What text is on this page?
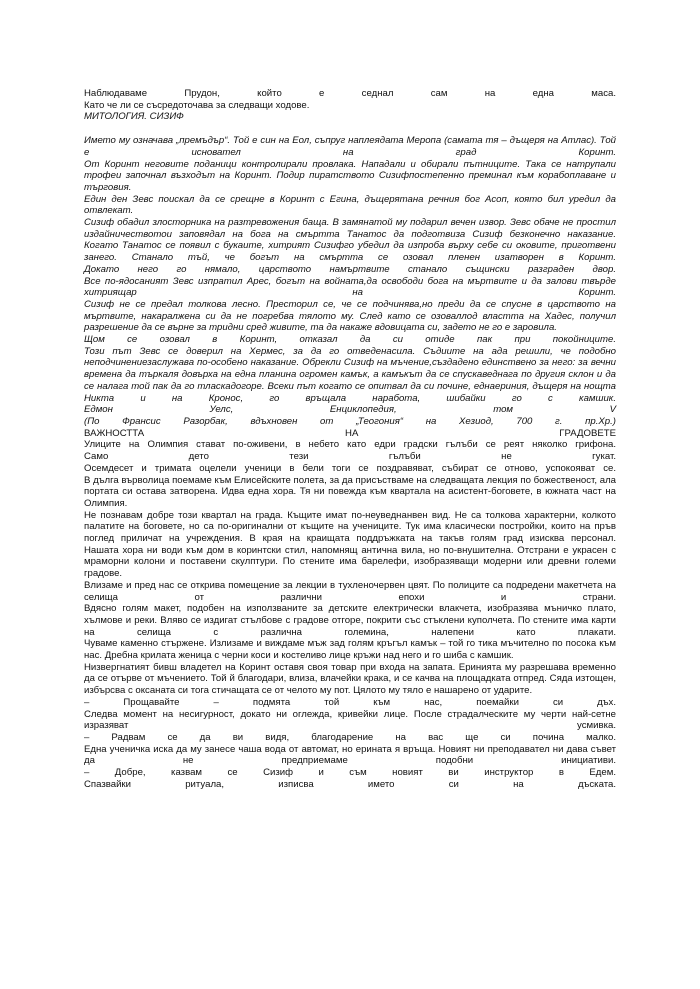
Наблюдаваме Прудон, който е седнал сам на една маса.

Като че ли се съсредоточава за следващи ходове.

МИТОЛОГИЯ. СИЗИФ

Името му означава „премъдър“. Той е син на Еол, съпруг наплеядата Меропа (самата тя – дъщеря на Атлас). Той е исновател на град Коринт.

От Коринт неговите поданици контролирали провлака. Нападали и обирали пътниците. Така се натрупали трофеи започнал възходът на Коринт. Подир пиратството Сизифпостепенно преминал към корабоплаване и търговия.

Един ден Зевс поискал да се срещне в Коринт с Егина, дъщерятана речния бог Асоп, която бил уредил да отвлекат.

Сизиф обадил злосторника на разтревожения баща. В замянатой му подарил вечен извор. Зевс обаче не простил издайничествотои заповядал на бога на смъртта Танатос да подготвиза Сизиф безконечно наказание.

Когато Танатос се появил с букаите, хитрият Сизифго убедил да изпроба върху себе си оковите, приготвени занего. Станало тъй, че богът на смъртта се озовал пленен изатворен в Коринт.

Докато него го нямало, царството намъртвите станало същински разграден двор.

Все по-ядосаният Зевс изпратил Арес, богът на войната,да освободи бога на мъртвите и да залови твърде хитриящар на Коринт.

Сизиф не се предал толкова лесно. Престорил се, че се подчинява,но преди да се спусне в царството на мъртвите, накаралжена си да не погребва тялото му. След като се озоваллод властта на Хадес, получил разрешение да се върне за тридни сред живите, та да накаже вдовицата си, задето не го е заровила.

Щом се озовал в Коринт, отказал да си отиде пак при покойниците.

Този път Зевс се доверил на Хермес, за да го отведенасила. Съдиите на ада решили, че подобно неподчинениезаслужава по-особено наказание. Обрекли Сизиф на мъчение,създадено единствено за него: за вечни времена да търкаля довърха на една планина огромен камък, а камъкът да се спускаведнага по другия склон и да се налага той пак да го тласкадогоре. Всеки път когато се опитвал да си почине, еднаериния, дъщеря на нощта Никта и на Кронос, го връщала наработа, шибайки го с камшик.

Едмон Уелс, Енциклопедия, том V

(По Франсис Разорбак, вдъхновен от „Теогония“ на Хезиод, 700 г. пр.Хр.)

ВАЖНОСТТА НА ГРАДОВЕТЕ

Улиците на Олимпия стават по-оживени, в небето като едри градски гълъби се реят няколко грифона.

Само дето тези гълъби не гукат.

Осемдесет и тримата оцелели ученици в бели тоги се поздравяват, събират се отново, успокояват се.

В дълга върволица поемаме към Елисейските полета, за да присъстваме на следващата лекция по божественост, ала портата си остава затворена. Идва една хора. Тя ни повежда към квартала на асистент-боговете, в южната част на Олимпия.

Не познавам добре този квартал на града. Къщите имат по-неуведнанвен вид. Не са толкова характерни, колкото палатите на боговете, но са по-оригинални от къщите на учениците. Тук има класически постройки, които на пръв поглед приличат на учреждения. В края на краищата поддръжката на такъв голям град изисква персонал.

Нашата хора ни води към дом в коринтски стил, напомнящ антична вила, но по-внушителна. Отстрани е украсен с мраморни колони и поставени скулптури. По стените има барелефи, изобразяващи модерни или древни големи градове.

Влизаме и пред нас се открива помещение за лекции в тухленочервен цвят. По полиците са подредени макетчета на селища от различни епохи и страни.

Вдясно голям макет, подобен на използваните за детските електрически влакчета, изобразява мъничко плато, хълмове и реки. Вляво се издигат стълбове с градове отгоре, покрити със стъклени куполчета. По стените има карти на селища с различна големина, налепени като плакати.

Чуваме каменно стържене. Излизаме и виждаме мъж зад голям кръгъл камък – той го тика мъчително по посока към нас. Дребна крилата женица с черни коси и костеливо лице кръжи над него и го шиба с камшик.

Низвергнатият бивш владетел на Коринт оставя своя товар при входа на запата. Еринията му разрешава временно да се отърве от мъчението. Той й благодари, влиза, влачейки крака, и се качва на площадката отпред. Сяда изтощен, избърсва с оксаната си тога стичащата се от челото му пот. Цялото му тяло е нашарено от ударите.

– Прощавайте – подмята той към нас, поемайки си дъх.

Следва момент на несигурност, докато ни оглежда, кривейки лице. После страдалческите му черти най-сетне изразяват усмивка.

– Радвам се да ви видя, благодарение на вас ще си почина малко.

Една ученичка иска да му занесе чаша вода от автомат, но ерината я връща. Новият ни преподавател ни дава съвет да не предприемаме подобни инициативи.

– Добре, казвам се Сизиф и съм новият ви инструктор в Едем.

Спазвайки ритуала, изписва името си на дъската.
